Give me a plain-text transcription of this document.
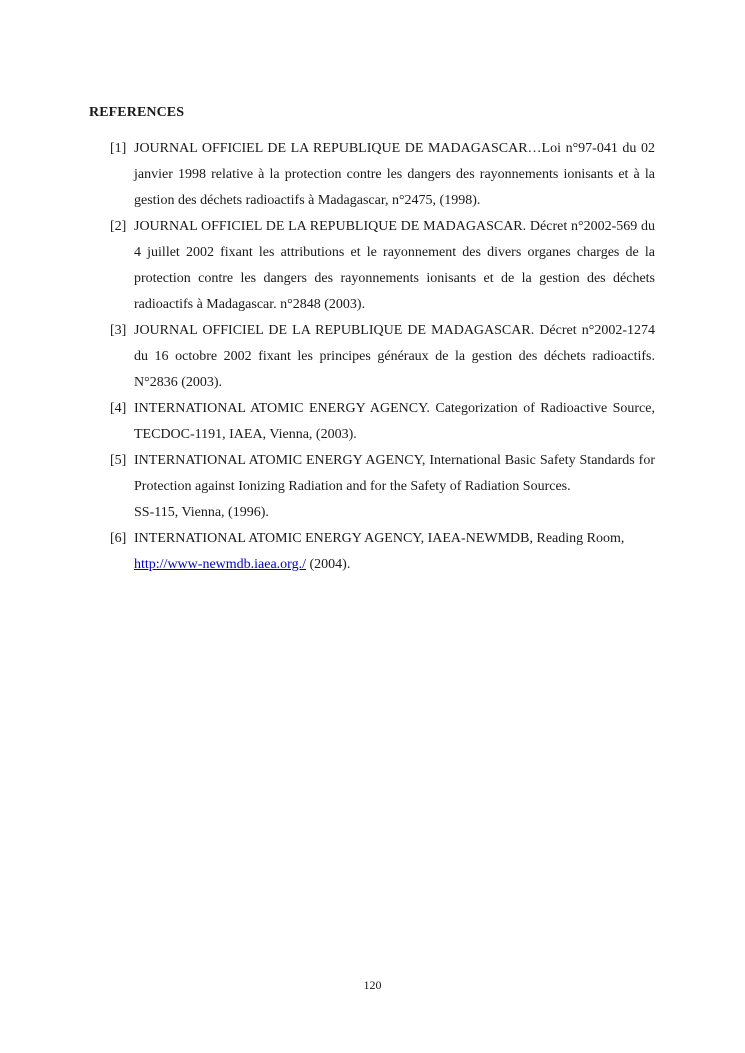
REFERENCES
[1] JOURNAL OFFICIEL DE LA REPUBLIQUE DE MADAGASCAR…Loi n°97-041 du 02 janvier 1998 relative à la protection contre les dangers des rayonnements ionisants et à la gestion des déchets radioactifs à Madagascar, n°2475, (1998).
[2] JOURNAL OFFICIEL DE LA REPUBLIQUE DE MADAGASCAR. Décret n°2002-569 du 4 juillet 2002 fixant les attributions et le rayonnement des divers organes charges de la protection contre les dangers des rayonnements ionisants et de la gestion des déchets radioactifs à Madagascar. n°2848 (2003).
[3] JOURNAL OFFICIEL DE LA REPUBLIQUE DE MADAGASCAR. Décret n°2002-1274 du 16 octobre 2002 fixant les principes généraux de la gestion des déchets radioactifs. N°2836 (2003).
[4] INTERNATIONAL ATOMIC ENERGY AGENCY. Categorization of Radioactive Source, TECDOC-1191, IAEA, Vienna, (2003).
[5] INTERNATIONAL ATOMIC ENERGY AGENCY, International Basic Safety Standards for Protection against Ionizing Radiation and for the Safety of Radiation Sources.
SS-115, Vienna, (1996).
[6] INTERNATIONAL ATOMIC ENERGY AGENCY, IAEA-NEWMDB, Reading Room,
http://www-newmdb.iaea.org./ (2004).
120
